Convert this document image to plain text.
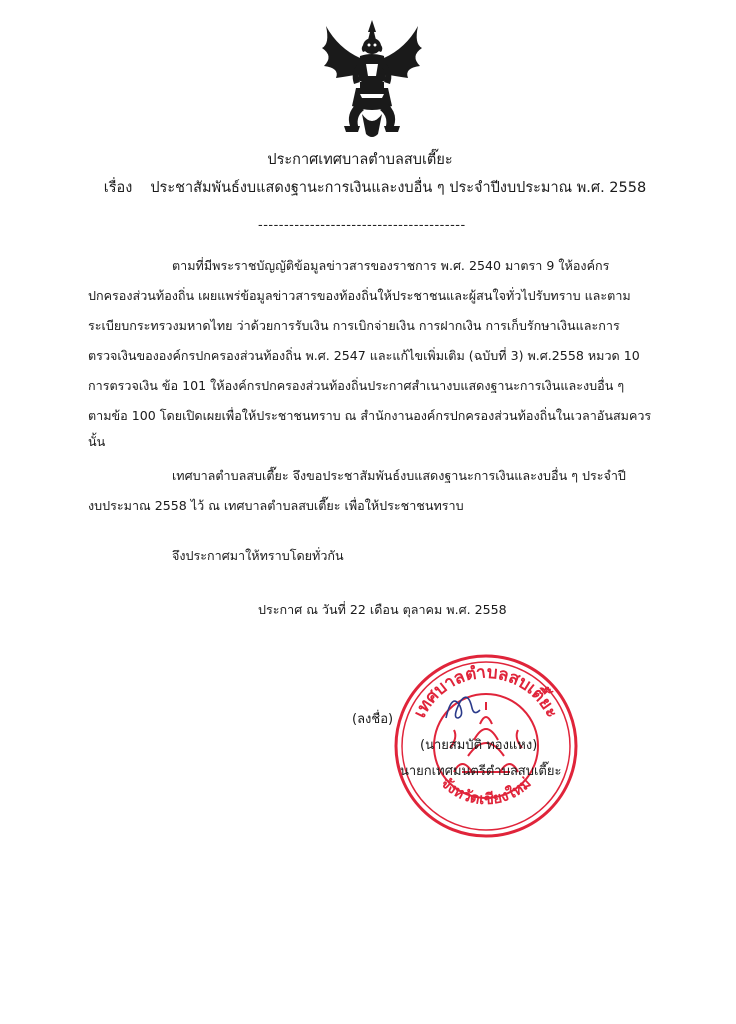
ประกาศเทศบาลตำบลสบเตี๊ยะ
เรื่อง ประชาสัมพันธ์งบแสดงฐานะการเงินและงบอื่น ๆ ประจำปีงบประมาณ พ.ศ. 2558
----------------------------------------
ตามที่มีพระราชบัญญัติข้อมูลข่าวสารของราชการ พ.ศ. 2540 มาตรา 9 ให้องค์กร
ปกครองส่วนท้องถิ่น เผยแพร่ข้อมูลข่าวสารของท้องถิ่นให้ประชาชนและผู้สนใจทั่วไปรับทราบ และตาม
ระเบียบกระทรวงมหาดไทย ว่าด้วยการรับเงิน การเบิกจ่ายเงิน การฝากเงิน การเก็บรักษาเงินและการ
ตรวจเงินขององค์กรปกครองส่วนท้องถิ่น พ.ศ. 2547 และแก้ไขเพิ่มเติม (ฉบับที่ 3) พ.ศ.2558 หมวด 10
การตรวจเงิน ข้อ 101 ให้องค์กรปกครองส่วนท้องถิ่นประกาศสำเนางบแสดงฐานะการเงินและงบอื่น ๆ
ตามข้อ 100 โดยเปิดเผยเพื่อให้ประชาชนทราบ ณ สำนักงานองค์กรปกครองส่วนท้องถิ่นในเวลาอันสมควร
นั้น
เทศบาลตำบลสบเตี๊ยะ จึงขอประชาสัมพันธ์งบแสดงฐานะการเงินและงบอื่น ๆ ประจำปี
งบประมาณ 2558 ไว้ ณ เทศบาลตำบลสบเตี๊ยะ เพื่อให้ประชาชนทราบ
จึงประกาศมาให้ทราบโดยทั่วกัน
ประกาศ ณ วันที่ 22 เดือน ตุลาคม พ.ศ. 2558
เทศบาลตำบลสบเตี๊ยะ
จังหวัดเชียงใหม่
(ลงชื่อ)
(นายสมบัติ ทองแหง)
นายกเทศมนตรีตำบลสบเตี๊ยะ
